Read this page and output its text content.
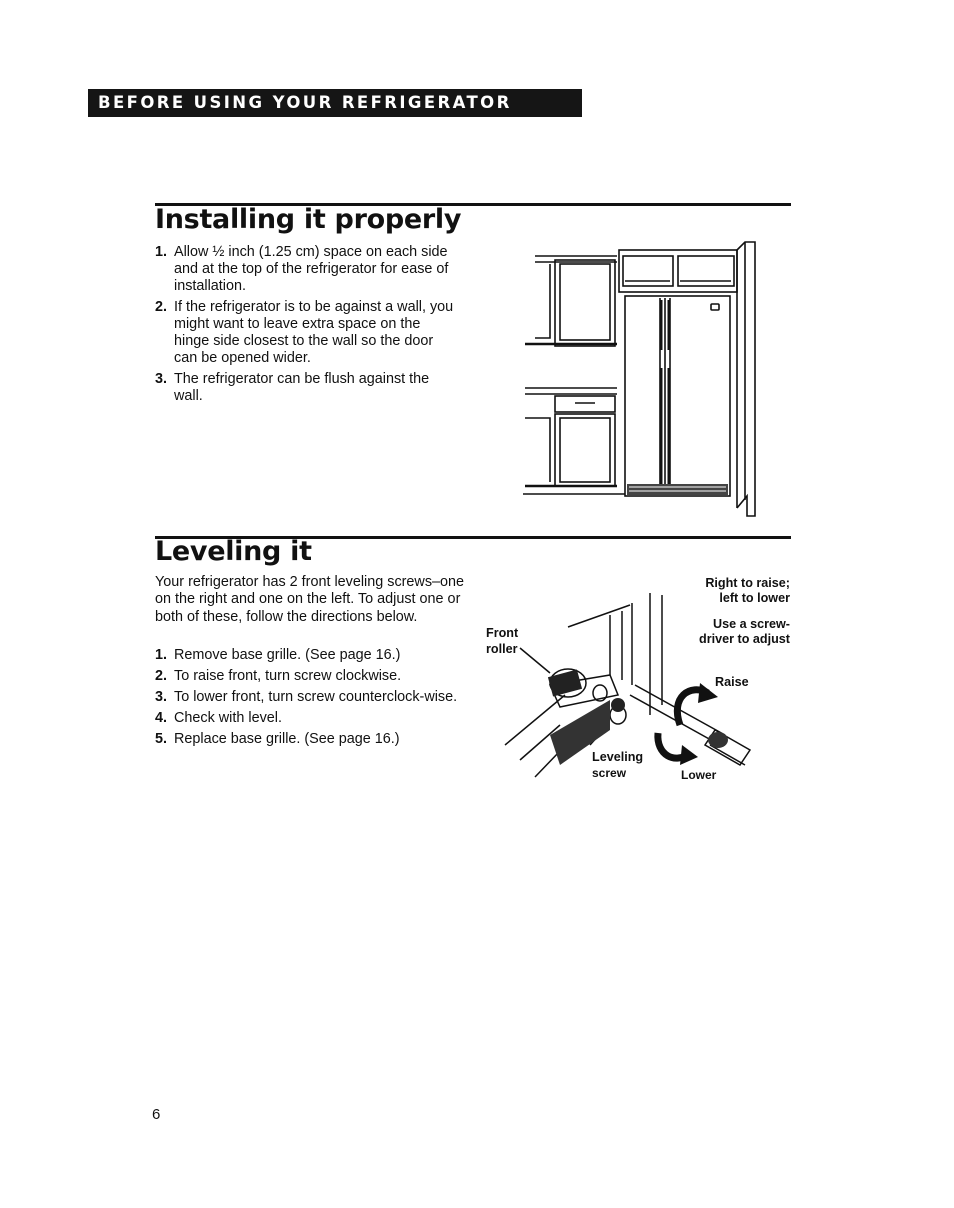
BEFORE USING YOUR REFRIGERATOR
Installing it properly
1. Allow ½ inch (1.25 cm) space on each side and at the top of the refrigerator for ease of installation.
2. If the refrigerator is to be against a wall, you might want to leave extra space on the hinge side closest to the wall so the door can be opened wider.
3. The refrigerator can be flush against the wall.
Leveling it

Your refrigerator has 2 front leveling screws–one on the right and one on the left. To adjust one or both of these, follow the directions below.

1. Remove base grille. (See page 16.)
2. To raise front, turn screw clockwise.
3. To lower front, turn screw counterclock-wise.
4. Check with level.
5. Replace base grille. (See page 16.)
Front
roller
Right to raise;
left to lower
Use a screw-
driver to adjust
Raise
Leveling
screw	Lower
6
